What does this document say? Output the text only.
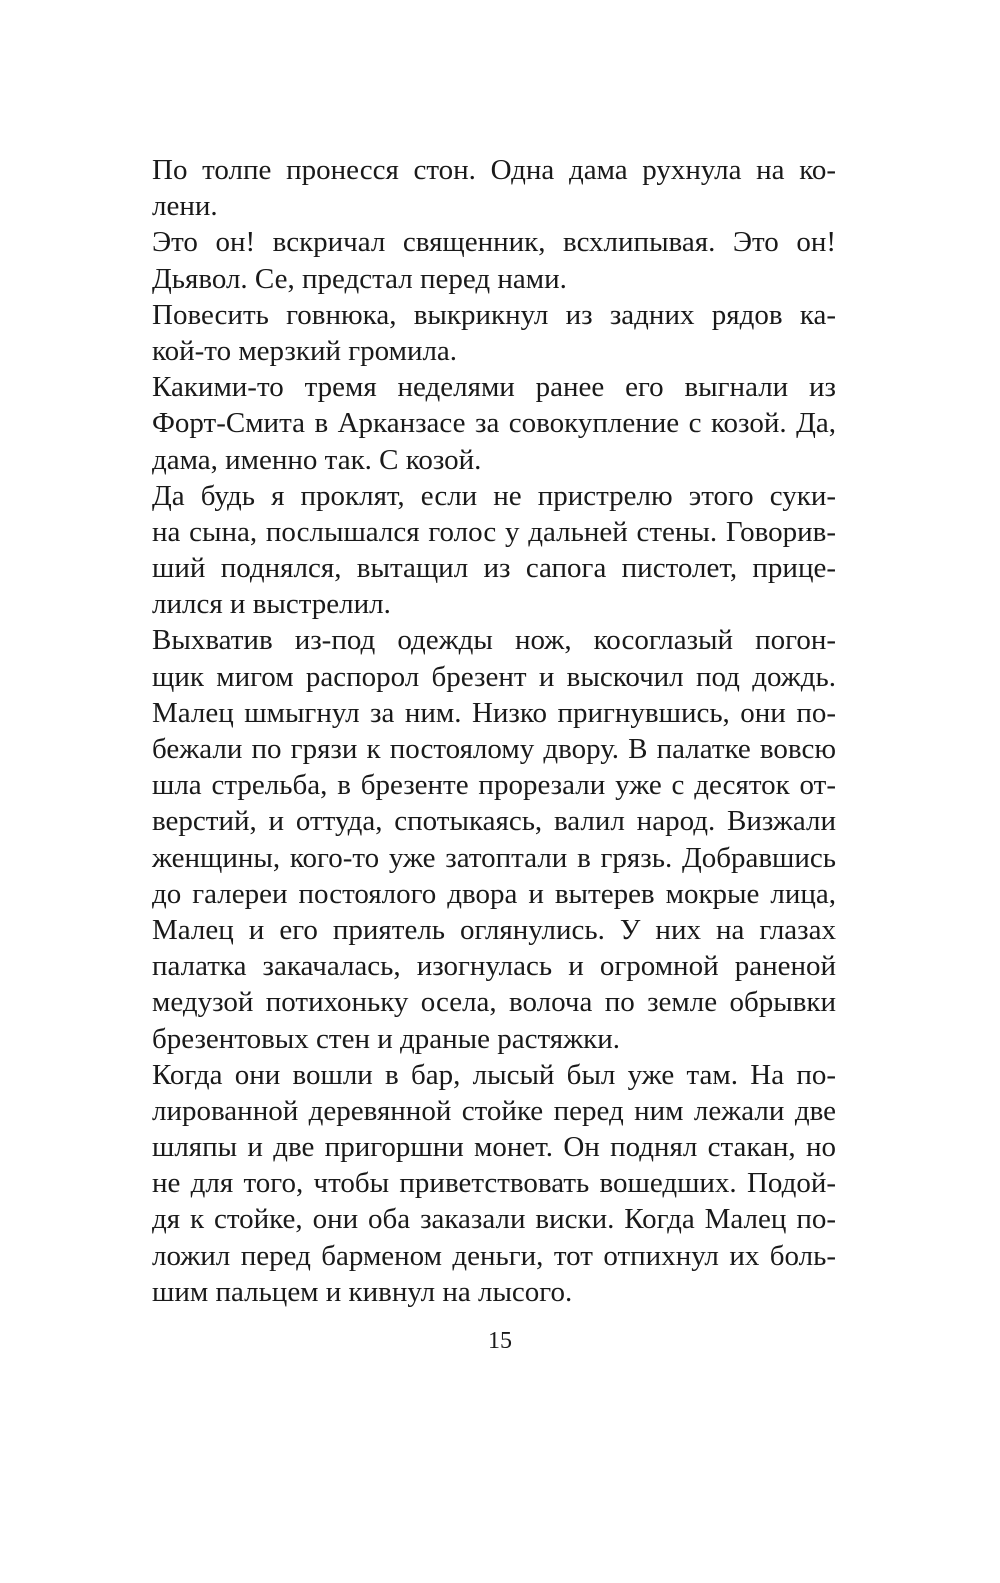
По толпе пронесся стон. Одна дама рухнула на ко-
лени.
Это он! вскричал священник, всхлипывая. Это он!
Дьявол. Се, предстал перед нами.
Повесить говнюка, выкрикнул из задних рядов ка-
кой-то мерзкий громила.
Какими-то тремя неделями ранее его выгнали из
Форт-Смита в Арканзасе за совокупление с козой. Да,
дама, именно так. С козой.
Да будь я проклят, если не пристрелю этого суки-
на сына, послышался голос у дальней стены. Говорив-
ший поднялся, вытащил из сапога пистолет, прице-
лился и выстрелил.
Выхватив из-под одежды нож, косоглазый погон-
щик мигом распорол брезент и выскочил под дождь.
Малец шмыгнул за ним. Низко пригнувшись, они по-
бежали по грязи к постоялому двору. В палатке вовсю
шла стрельба, в брезенте прорезали уже с десяток от-
верстий, и оттуда, спотыкаясь, валил народ. Визжали
женщины, кого-то уже затоптали в грязь. Добравшись
до галереи постоялого двора и вытерев мокрые лица,
Малец и его приятель оглянулись. У них на глазах
палатка закачалась, изогнулась и огромной раненой
медузой потихоньку осела, волоча по земле обрывки
брезентовых стен и драные растяжки.
Когда они вошли в бар, лысый был уже там. На по-
лированной деревянной стойке перед ним лежали две
шляпы и две пригоршни монет. Он поднял стакан, но
не для того, чтобы приветствовать вошедших. Подой-
дя к стойке, они оба заказали виски. Когда Малец по-
ложил перед барменом деньги, тот отпихнул их боль-
шим пальцем и кивнул на лысого.
15
